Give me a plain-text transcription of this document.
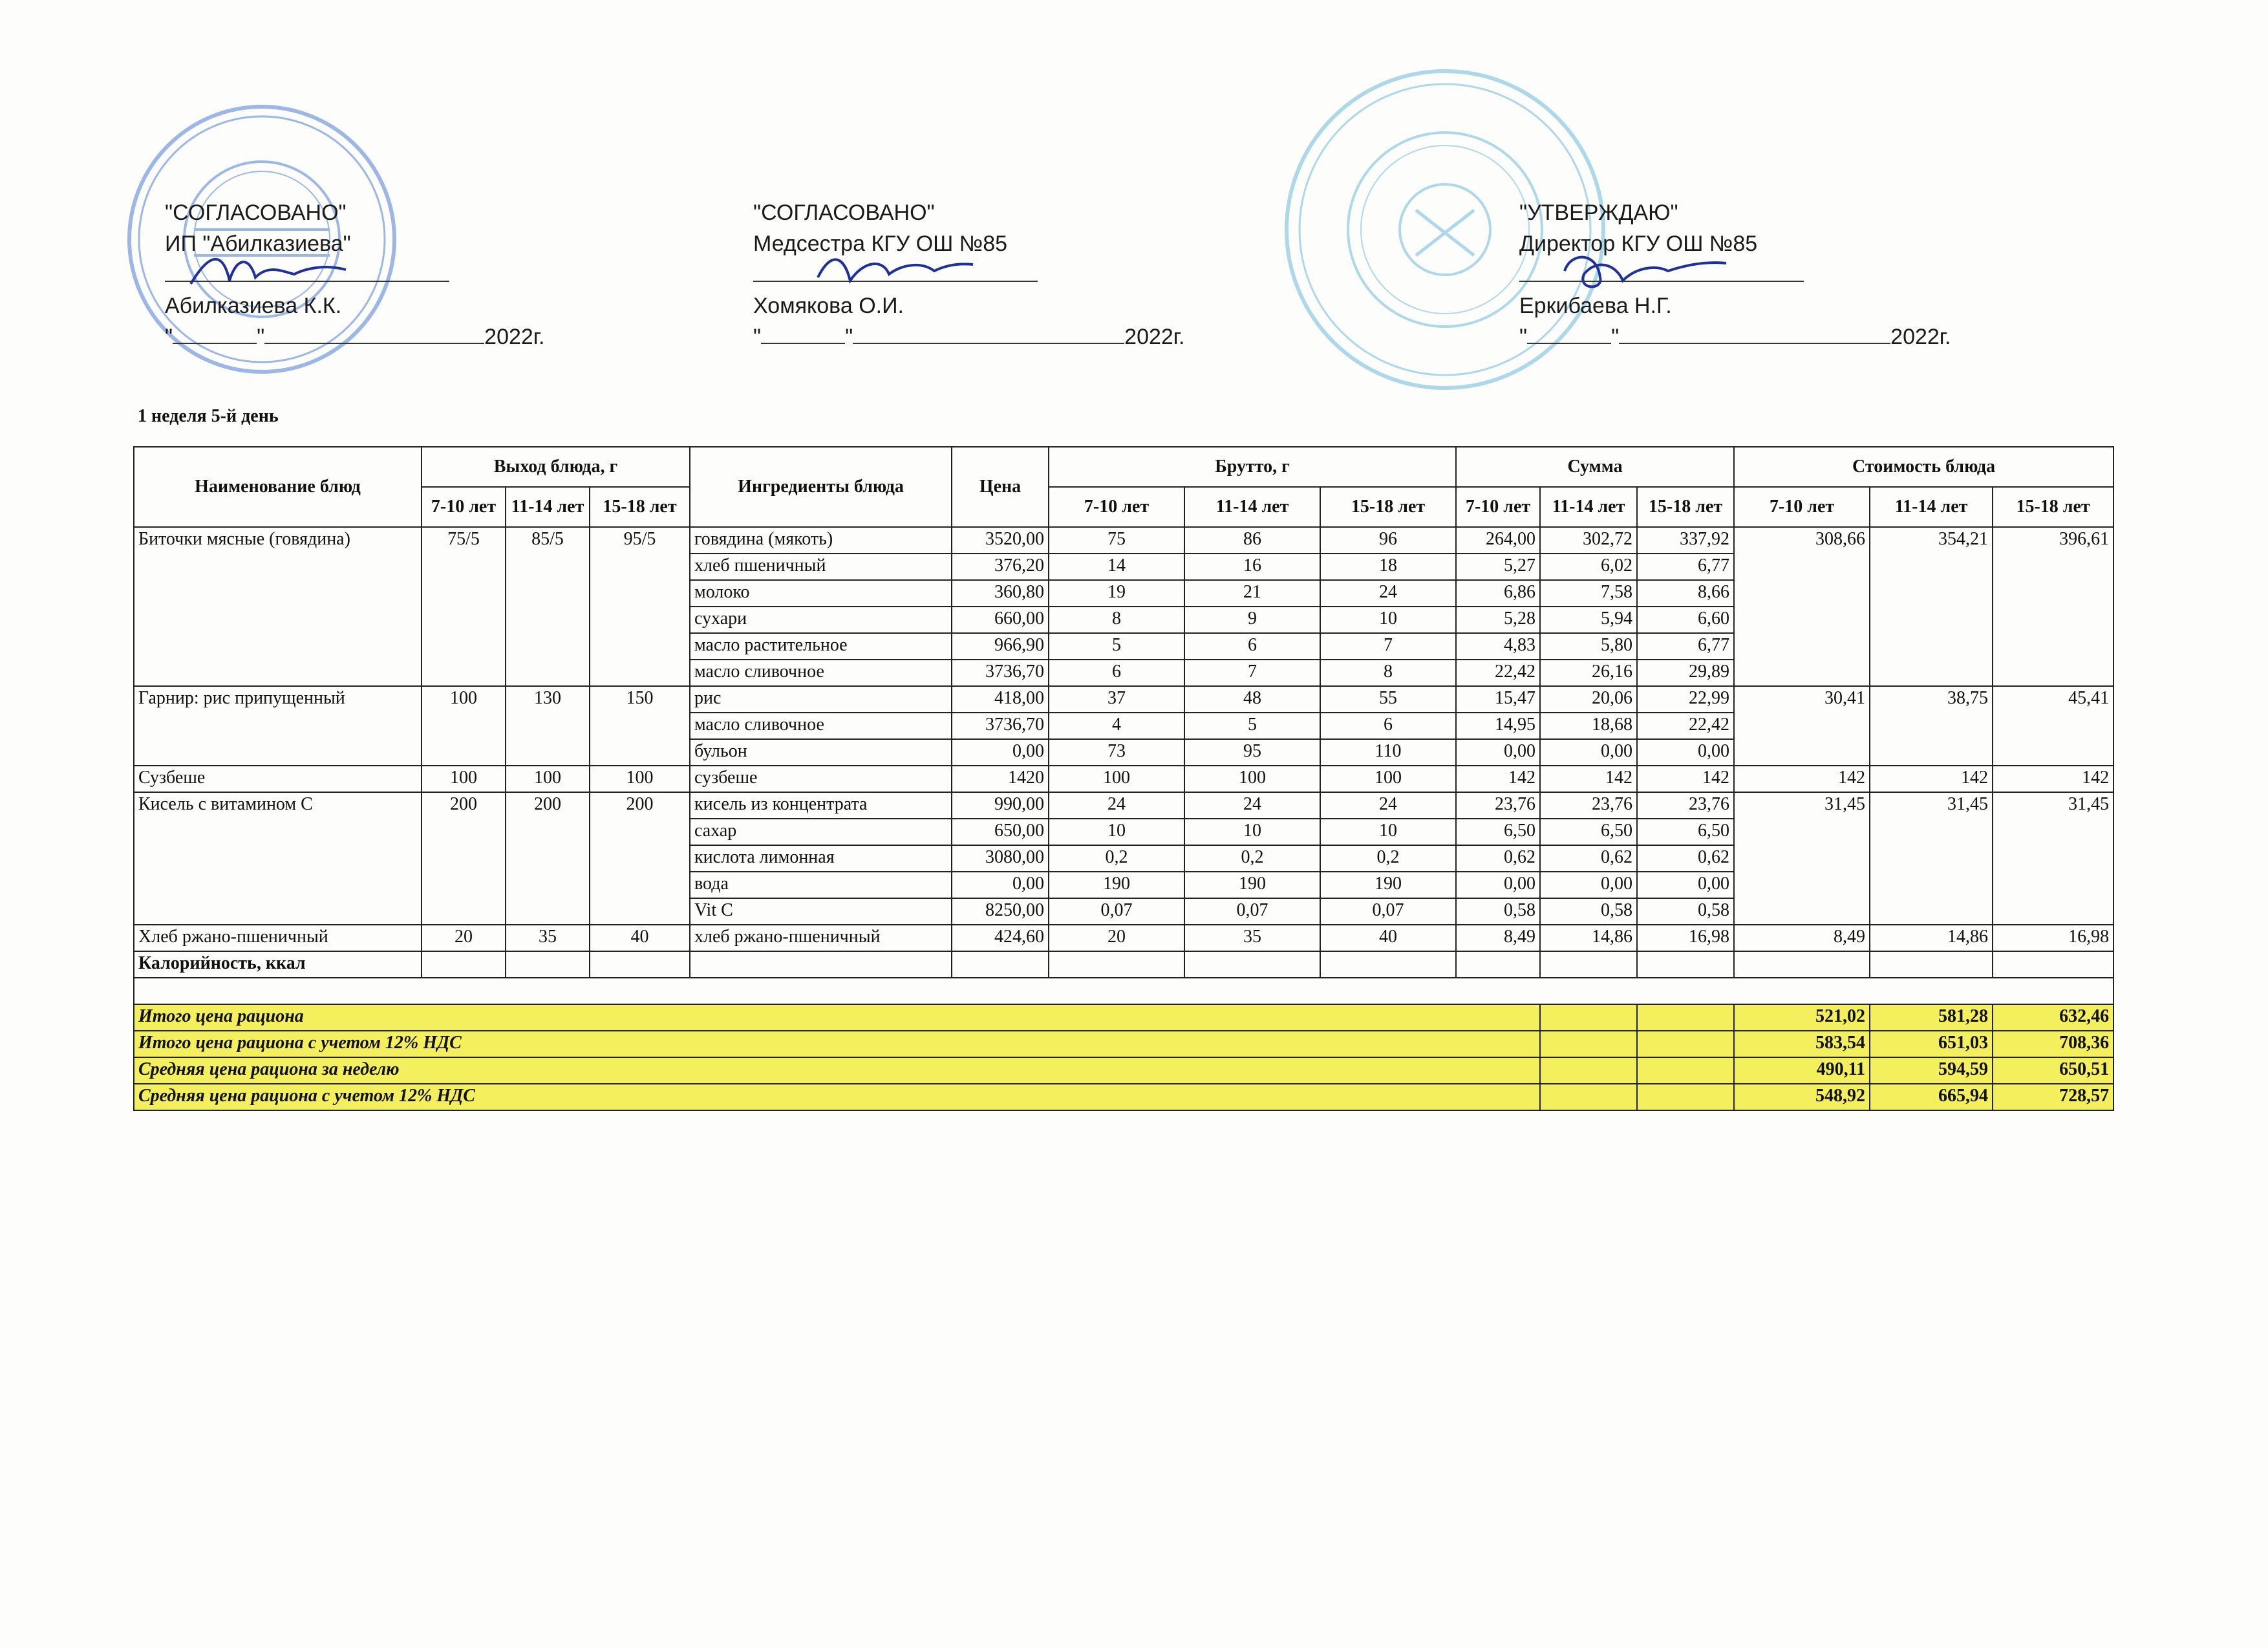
"СОГЛАСОВАНО"
ИП "Абилказиева"
Абилказиева К.К.
"	"	2022г.
"СОГЛАСОВАНО"
Медсестра КГУ ОШ №85
Хомякова О.И.
"	"	2022г.
"УТВЕРЖДАЮ"
Директор КГУ ОШ №85
Еркибаева Н.Г.
"	"	2022г.
1 неделя 5-й день
Наименование блюд	Выход блюда, г			Ингредиенты блюда	Цена	Брутто, г			Сумма			Стоимость блюда		
	7-10 лет	11-14 лет	15-18 лет			7-10 лет	11-14 лет	15-18 лет	7-10 лет	11-14 лет	15-18 лет	7-10 лет	11-14 лет	15-18 лет
Биточки мясные (говядина)	75/5	85/5	95/5	говядина (мякоть)	3520,00	75	86	96	264,00	302,72	337,92	308,66	354,21	396,61
				хлеб пшеничный	376,20	14	16	18	5,27	6,02	6,77			
				молоко	360,80	19	21	24	6,86	7,58	8,66			
				сухари	660,00	8	9	10	5,28	5,94	6,60			
				масло растительное	966,90	5	6	7	4,83	5,80	6,77			
				масло сливочное	3736,70	6	7	8	22,42	26,16	29,89			
Гарнир: рис припущенный	100	130	150	рис	418,00	37	48	55	15,47	20,06	22,99	30,41	38,75	45,41
				масло сливочное	3736,70	4	5	6	14,95	18,68	22,42			
				бульон	0,00	73	95	110	0,00	0,00	0,00			
Сузбеше	100	100	100	сузбеше	1420	100	100	100	142	142	142	142	142	142
Кисель с витамином С	200	200	200	кисель из концентрата	990,00	24	24	24	23,76	23,76	23,76	31,45	31,45	31,45
				сахар	650,00	10	10	10	6,50	6,50	6,50			
				кислота лимонная	3080,00	0,2	0,2	0,2	0,62	0,62	0,62			
				вода	0,00	190	190	190	0,00	0,00	0,00			
				Vit C	8250,00	0,07	0,07	0,07	0,58	0,58	0,58			
Хлеб ржано-пшеничный	20	35	40	хлеб ржано-пшеничный	424,60	20	35	40	8,49	14,86	16,98	8,49	14,86	16,98
Калорийность, ккал														

Итого цена рациона												521,02	581,28	632,46
Итого цена рациона с учетом 12% НДС												583,54	651,03	708,36
Средняя цена рациона за неделю												490,11	594,59	650,51
Средняя цена рациона с учетом 12% НДС												548,92	665,94	728,57
